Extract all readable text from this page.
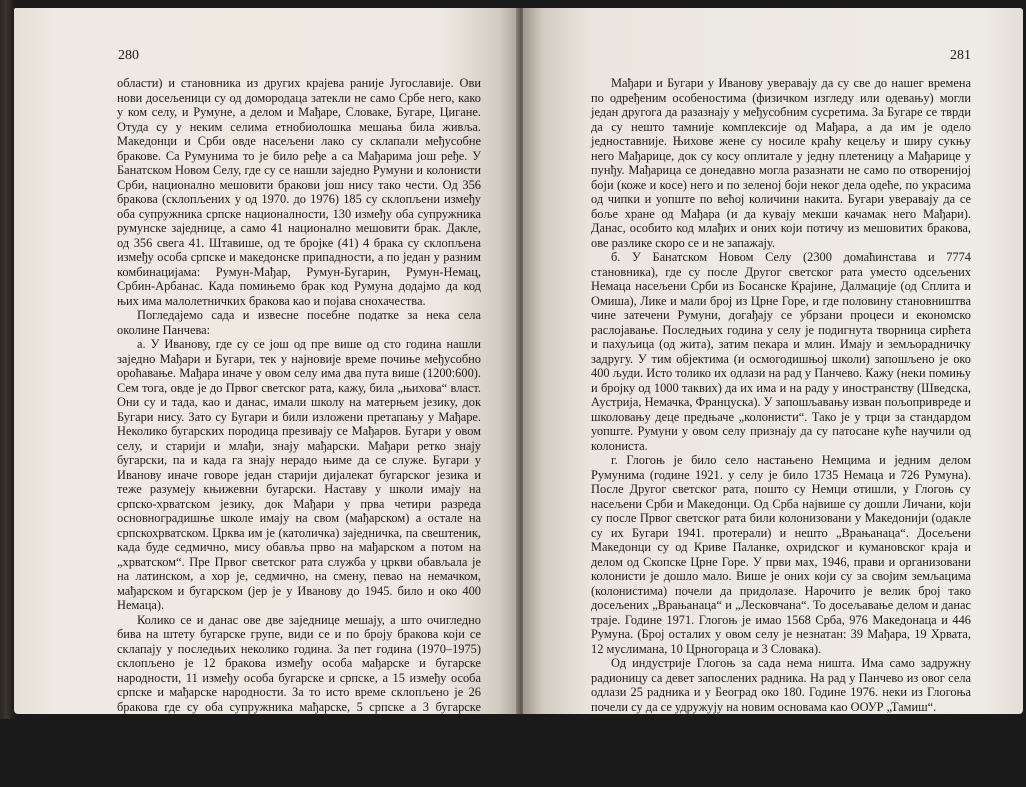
280

области) и становника из других крајева раније Југославије. Ови нови досељеници су од домородаца затекли не само Србе него, како у ком селу, и Румуне, а делом и Мађаре, Словаке, Бугаре, Цигане. Отуда су у неким селима етнобиолошка мешања била живља. Македонци и Срби овде насељени лако су склапали међусобне бракове. Са Румунима то је било ређе а са Мађарима још ређе. У Банатском Новом Селу, где су се нашли заједно Румуни и колонисти Срби, национално мешовити бракови још нису тако чести. Од 356 бракова (склопљених у од 1970. до 1976) 185 су склопљени између оба супружника српске националности, 130 између оба супружника румунске заједнице, а само 41 национално мешовити брак. Дакле, од 356 свега 41. Штавише, од те бројке (41) 4 брака су склопљена између особа српске и македонске припадности, а по један у разним комбинацијама: Румун-Мађар, Румун-Бугарин, Румун-Немац, Србин-Арбанас. Када помињемо брак код Румуна додајмо да код њих има малолетничких бракова као и појава снохачества.

Погледајемо сада и извесне посебне податке за нека села околине Панчева:

а. У Иванову, где су се још од пре више од сто година нашли заједно Мађари и Бугари, тек у најновије време почиње међусобно ороћавање. Мађара иначе у овом селу има два пута више (1200:600). Сем тога, овде је до Првог светског рата, кажу, била „њихова“ власт. Они су и тада, као и данас, имали школу на матерњем језику, док Бугари нису. Зато су Бугари и били изложени претапању у Мађаре. Неколико бугарских породица презивају се Мађаров. Бугари у овом селу, и старији и млађи, знају мађарски. Мађари ретко знају бугарски, па и када га знају нерадо њиме да се служе. Бугари у Иванову иначе говоре један старији дијалекат бугарског језика и теже разумеју књижевни бугарски. Наставу у школи имају на српско-хрватском језику, док Мађари у прва четири разреда основноградишње школе имају на свом (мађарском) а остале на српскохрватском. Црква им је (католичка) заједничка, па свештеник, када буде седмично, мису обавља прво на мађарском а потом на „хрватском“. Пре Првог светског рата служба у цркви обављала је на латинском, а хор је, седмично, на смену, певао на немачком, мађарском и бугарском (јер је у Иванову до 1945. било и око 400 Немаца).

Колико се и данас ове две заједнице мешају, а што очигледно бива на штету бугарске групе, види се и по броју бракова који се склапају у последњих неколико година. За пет година (1970–1975) склопљено је 12 бракова између особа мађарске и бугарске народности, 11 између особа бугарске и српске, а 15 између особа српске и мађарске народности. За то исто време склопљено је 26 бракова где су оба супружника мађарске, 5 српске а 3 бугарске народности. Срба у овом селу има тек после Другог светског рата (1975. било их је 137). Већином су то досељеници из прибрежних села са друге стране Дунава (нарочито из Ритопека). За разлику од броја Мађара и Бугара, број Срба у овом насељу расте (највише механичким путем).

281

Мађари и Бугари у Иванову уверавају да су све до нашег времена по одређеним особеностима (физичком изгледу или одевању) могли један другога да разазнају у међусобним сусретима. За Бугаре се тврди да су нешто тамније комплексије од Мађара, а да им је одело једноставније. Њихове жене су носиле краћу кецељу и ширу сукњу него Мађарице, док су косу оплитале у једну плетеницу а Мађарице у пунђу. Мађарица се донедавно могла разазнати не само по отворенијој боји (коже и косе) него и по зеленој боји неког дела одеће, по украсима од чипки и уопште по већој количини накита. Бугари уверавају да се боље хране од Мађара (и да кувају мекши качамак него Мађари). Данас, особито код млађих и оних који потичу из мешовитих бракова, ове разлике скоро се и не запажају.

б. У Банатском Новом Селу (2300 домаћинстава и 7774 становника), где су после Другог светског рата уместо одсељених Немаца насељени Срби из Босанске Крајине, Далмације (од Сплита и Омиша), Лике и мали број из Црне Горе, и где половину становништва чине затечени Румуни, догађају се убрзани процеси и економско раслојавање. Последњих година у селу је подигнута творница сирћета и пахуљица (од жита), затим пекара и млин. Имају и земљорадничку задругу. У тим објектима (и осмогодишњој школи) запошљено је око 400 људи. Исто толико их одлази на рад у Панчево. Кажу (неки помињу и бројку од 1000 таквих) да их има и на раду у иностранству (Шведска, Аустрија, Немачка, Француска). У запошљавању изван пољопривреде и школовању деце предњаче „колонисти“. Тако је у трци за стандардом уопште. Румуни у овом селу признају да су патосане куће научили од колониста.

г. Глогоњ је било село настањено Немцима и једним делом Румунима (године 1921. у селу је било 1735 Немаца и 726 Румуна). После Другог светског рата, пошто су Немци отишли, у Глогоњ су насељени Срби и Македонци. Од Срба највише су дошли Личани, који су после Првог светског рата били колонизовани у Македонији (одакле су их Бугари 1941. протерали) и нешто „Врањанаца“. Досељени Македонци су од Криве Паланке, охридског и кумановског краја и делом од Скопске Црне Горе. У први мах, 1946, прави и организовани колонисти је дошло мало. Више је оних који су за својим земљацима (колонистима) почели да придолазе. Нарочито је велик број тако досељених „Врањанаца“ и „Лесковчана“. То досељавање делом и данас траје. Године 1971. Глогоњ је имао 1568 Срба, 976 Македонаца и 446 Румуна. (Број осталих у овом селу је незнатан: 39 Мађара, 19 Хрвата, 12 муслимана, 10 Црногораца и 3 Словака).

Од индустрије Глогоњ за сада нема ништа. Има само задружну радионицу са девет запослених радника. На рад у Панчево из овог села одлази 25 радника и у Београд око 180. Године 1976. неки из Глогоња почели су да се удружују на новим основама као ООУР „Тамиш“.

Румуни староседеоци и овде се сматрају конзервативнима: мање се школују, мање запошљавају изван пољопривреде и религиознији су. У прва четири разреда основне школе настава им је на румунском језику.
